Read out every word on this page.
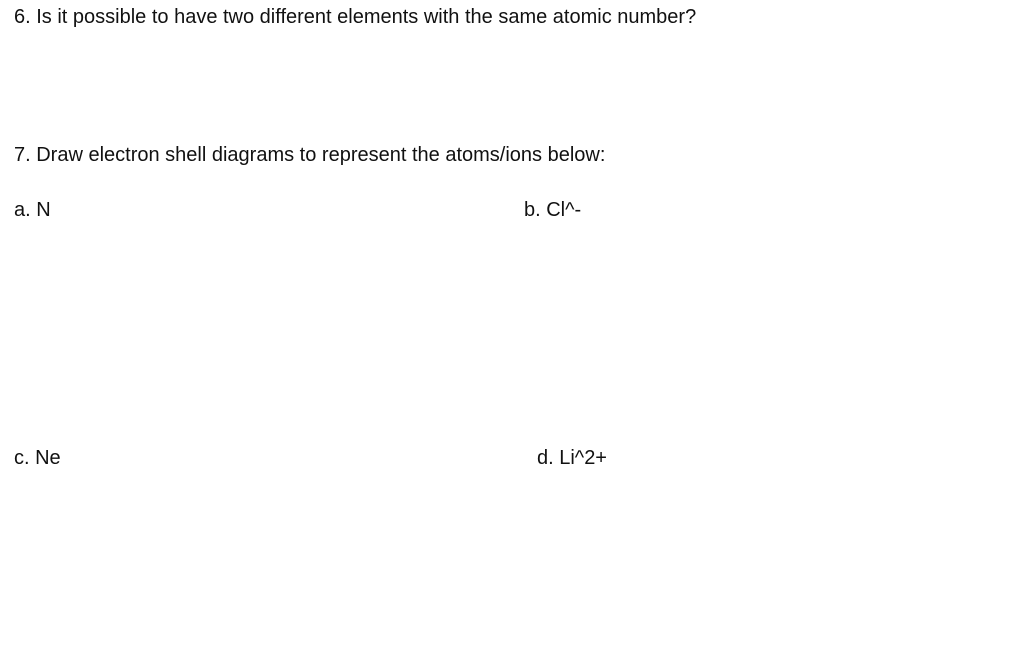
6. Is it possible to have two different elements with the same atomic number?
7. Draw electron shell diagrams to represent the atoms/ions below:
a. N	b. Cl^-
c. Ne	d. Li^2+
